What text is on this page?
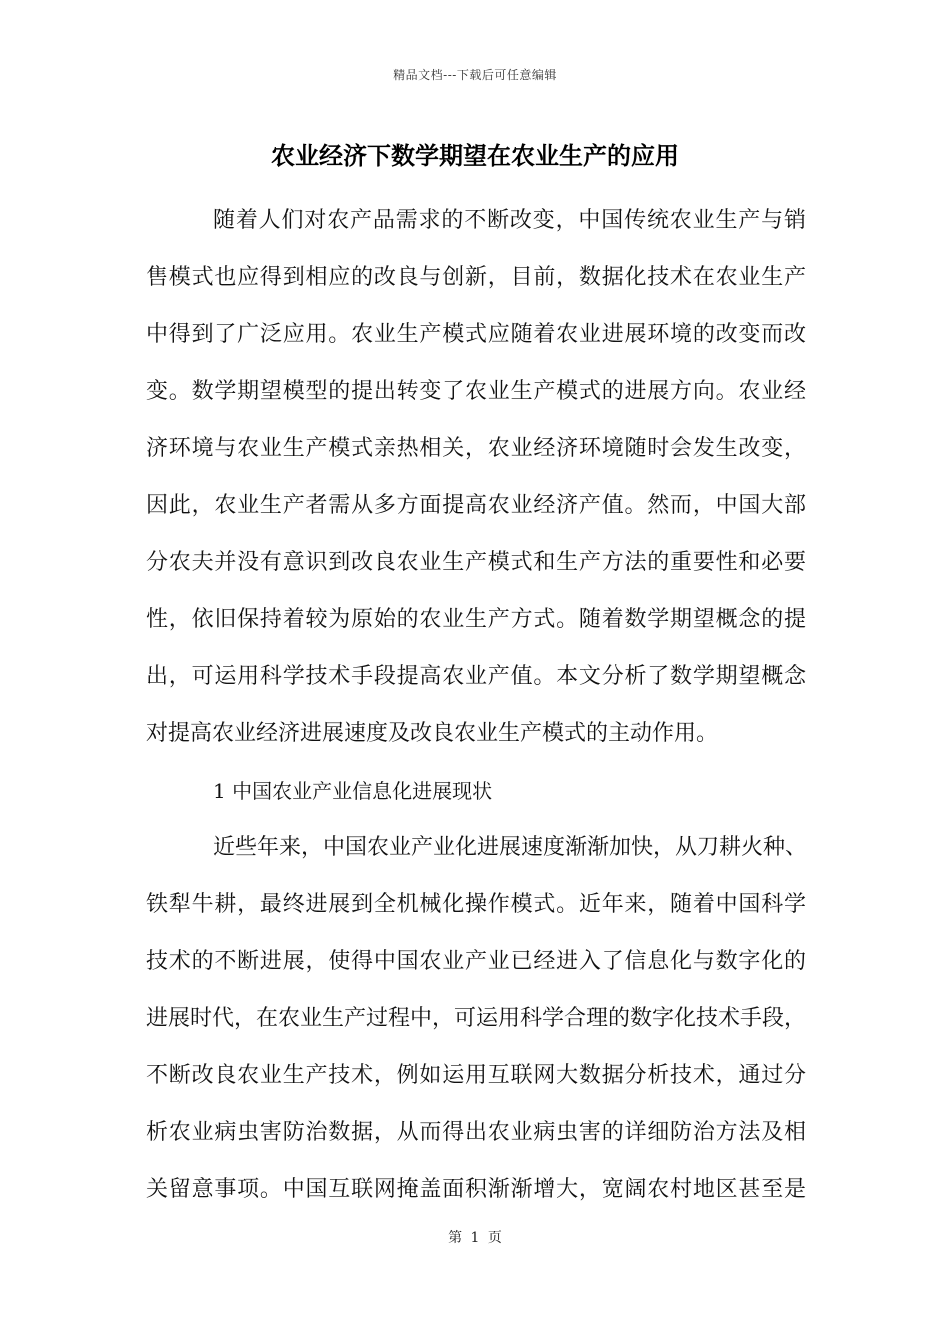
精品文档---下载后可任意编辑
农业经济下数学期望在农业生产的应用
随着人们对农产品需求的不断改变，中国传统农业生产与销
售模式也应得到相应的改良与创新，目前，数据化技术在农业生产
中得到了广泛应用。农业生产模式应随着农业进展环境的改变而改
变。数学期望模型的提出转变了农业生产模式的进展方向。农业经
济环境与农业生产模式亲热相关，农业经济环境随时会发生改变，
因此，农业生产者需从多方面提高农业经济产值。然而，中国大部
分农夫并没有意识到改良农业生产模式和生产方法的重要性和必要
性，依旧保持着较为原始的农业生产方式。随着数学期望概念的提
出，可运用科学技术手段提高农业产值。本文分析了数学期望概念
对提高农业经济进展速度及改良农业生产模式的主动作用。
1 中国农业产业信息化进展现状
近些年来，中国农业产业化进展速度渐渐加快，从刀耕火种、
铁犁牛耕，最终进展到全机械化操作模式。近年来，随着中国科学
技术的不断进展，使得中国农业产业已经进入了信息化与数字化的
进展时代，在农业生产过程中，可运用科学合理的数字化技术手段，
不断改良农业生产技术，例如运用互联网大数据分析技术，通过分
析农业病虫害防治数据，从而得出农业病虫害的详细防治方法及相
关留意事项。中国互联网掩盖面积渐渐增大，宽阔农村地区甚至是
第 1 页
